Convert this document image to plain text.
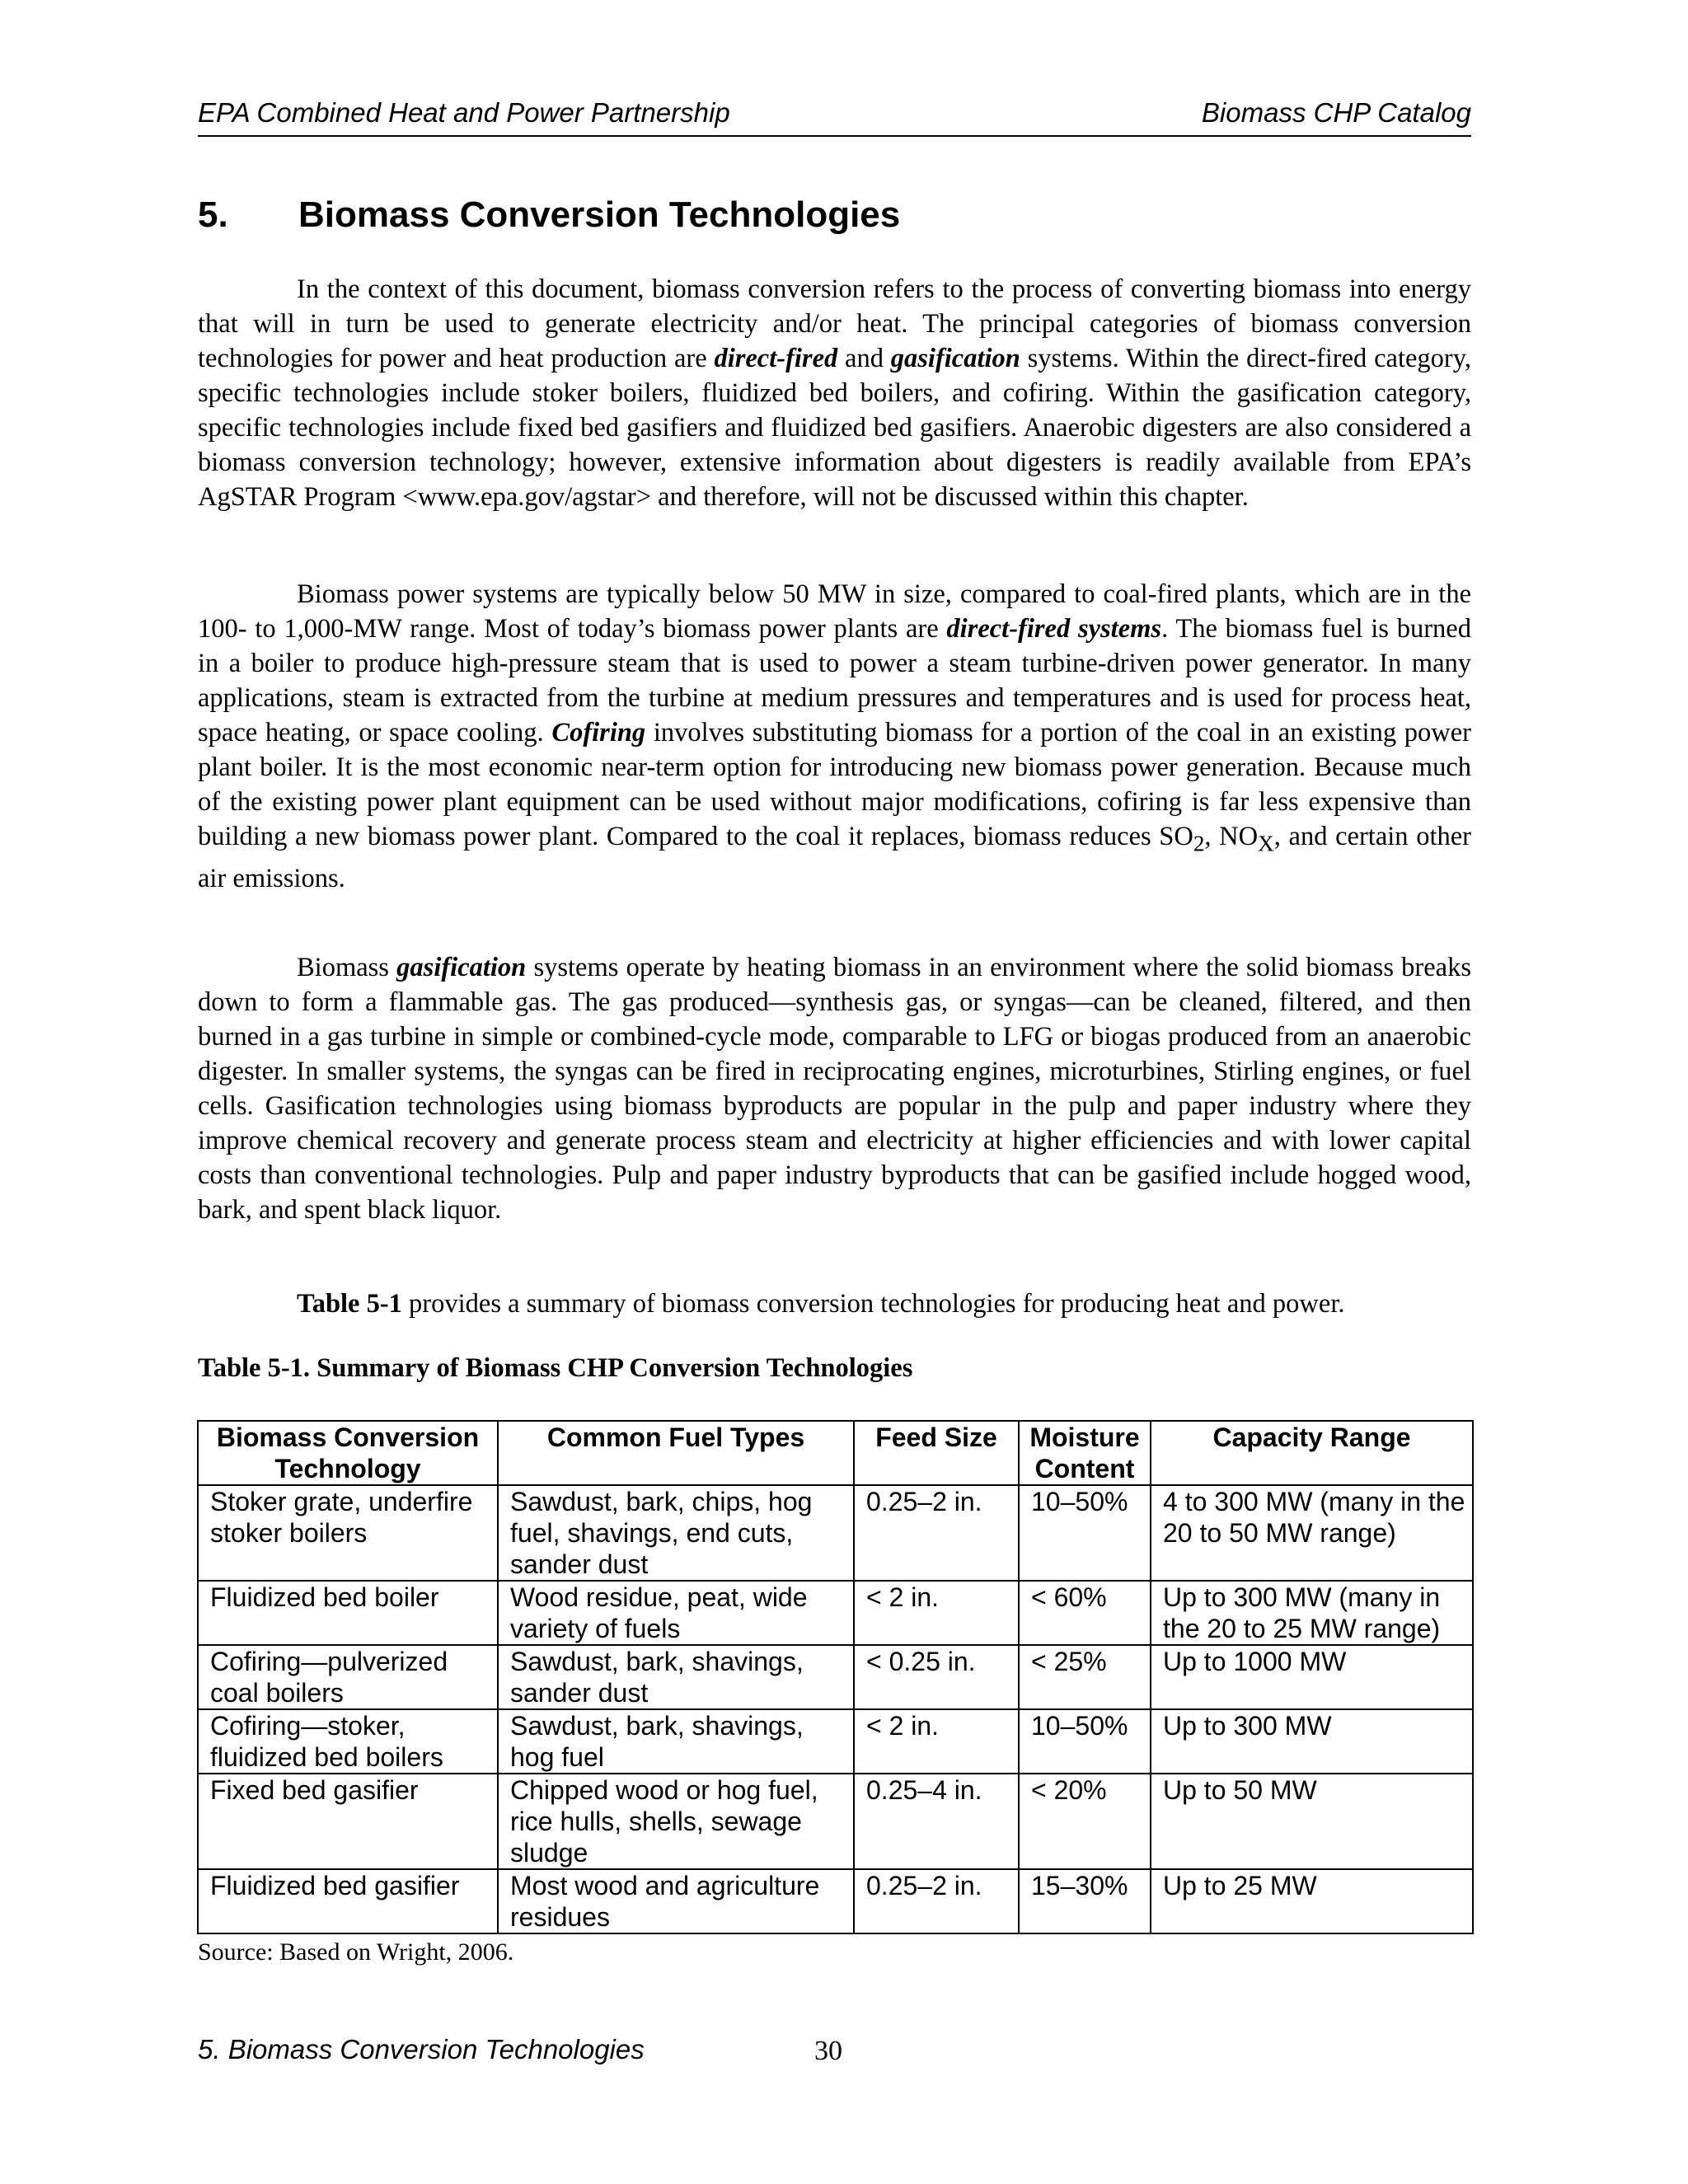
EPA Combined Heat and Power Partnership	Biomass CHP Catalog
5. Biomass Conversion Technologies

In the context of this document, biomass conversion refers to the process of converting biomass into energy that will in turn be used to generate electricity and/or heat. The principal categories of biomass conversion technologies for power and heat production are direct-fired and gasification systems. Within the direct-fired category, specific technologies include stoker boilers, fluidized bed boilers, and cofiring. Within the gasification category, specific technologies include fixed bed gasifiers and fluidized bed gasifiers. Anaerobic digesters are also considered a biomass conversion technology; however, extensive information about digesters is readily available from EPA’s AgSTAR Program <www.epa.gov/agstar> and therefore, will not be discussed within this chapter.

Biomass power systems are typically below 50 MW in size, compared to coal-fired plants, which are in the 100- to 1,000-MW range. Most of today’s biomass power plants are direct-fired systems. The biomass fuel is burned in a boiler to produce high-pressure steam that is used to power a steam turbine-driven power generator. In many applications, steam is extracted from the turbine at medium pressures and temperatures and is used for process heat, space heating, or space cooling. Cofiring involves substituting biomass for a portion of the coal in an existing power plant boiler. It is the most economic near-term option for introducing new biomass power generation. Because much of the existing power plant equipment can be used without major modifications, cofiring is far less expensive than building a new biomass power plant. Compared to the coal it replaces, biomass reduces $SO_2$, $NO_X$, and certain other air emissions.

Biomass gasification systems operate by heating biomass in an environment where the solid biomass breaks down to form a flammable gas. The gas produced—synthesis gas, or syngas—can be cleaned, filtered, and then burned in a gas turbine in simple or combined-cycle mode, comparable to LFG or biogas produced from an anaerobic digester. In smaller systems, the syngas can be fired in reciprocating engines, microturbines, Stirling engines, or fuel cells. Gasification technologies using biomass byproducts are popular in the pulp and paper industry where they improve chemical recovery and generate process steam and electricity at higher efficiencies and with lower capital costs than conventional technologies. Pulp and paper industry byproducts that can be gasified include hogged wood, bark, and spent black liquor.

Table 5-1 provides a summary of biomass conversion technologies for producing heat and power.
Table 5-1. Summary of Biomass CHP Conversion Technologies
Biomass Conversion Technology	Common Fuel Types	Feed Size	Moisture Content	Capacity Range
Stoker grate, underfire stoker boilers	Sawdust, bark, chips, hog fuel, shavings, end cuts, sander dust	0.25–2 in.	10–50%	4 to 300 MW (many in the 20 to 50 MW range)
Fluidized bed boiler	Wood residue, peat, wide variety of fuels	< 2 in.	< 60%	Up to 300 MW (many in the 20 to 25 MW range)
Cofiring—pulverized coal boilers	Sawdust, bark, shavings, sander dust	< 0.25 in.	< 25%	Up to 1000 MW
Cofiring—stoker, fluidized bed boilers	Sawdust, bark, shavings, hog fuel	< 2 in.	10–50%	Up to 300 MW
Fixed bed gasifier	Chipped wood or hog fuel, rice hulls, shells, sewage sludge	0.25–4 in.	< 20%	Up to 50 MW
Fluidized bed gasifier	Most wood and agriculture residues	0.25–2 in.	15–30%	Up to 25 MW
Source: Based on Wright, 2006.
5. Biomass Conversion Technologies	30
